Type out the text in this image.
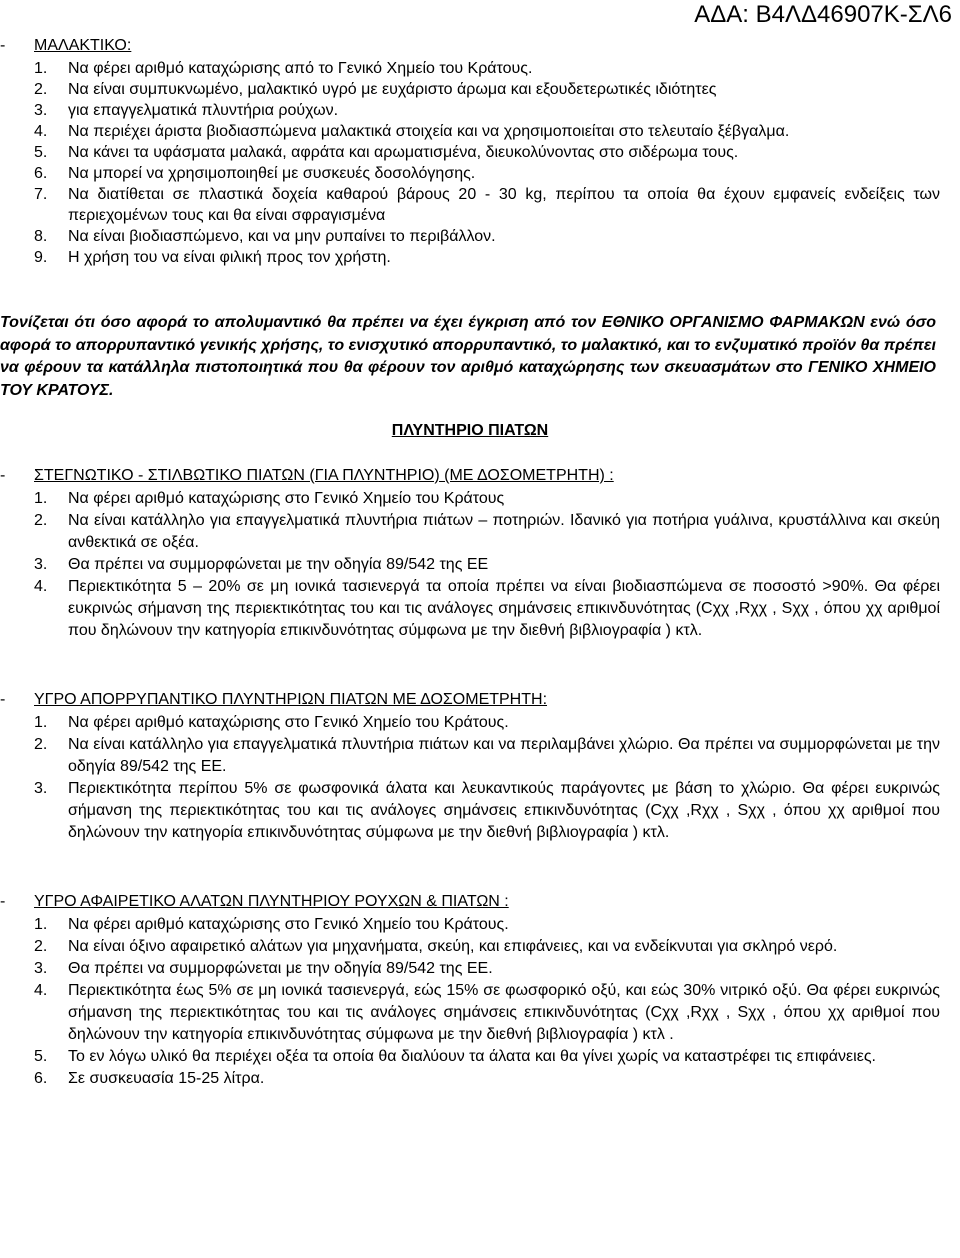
ΑΔΑ: Β4ΛΔ46907Κ-ΣΛ6
- ΜΑΛΑΚΤΙΚΟ:
1. Να φέρει αριθμό καταχώρισης από το Γενικό Χημείο του Κράτους.
2. Να είναι συμπυκνωμένο, μαλακτικό υγρό με ευχάριστο άρωμα και εξουδετερωτικές ιδιότητες
3. για επαγγελματικά πλυντήρια ρούχων.
4. Να περιέχει άριστα βιοδιασπώμενα μαλακτικά στοιχεία και να χρησιμοποιείται στο τελευταίο ξέβγαλμα.
5. Να κάνει τα υφάσματα μαλακά, αφράτα και αρωματισμένα, διευκολύνοντας στο σιδέρωμα τους.
6. Να μπορεί να χρησιμοποιηθεί με συσκευές δοσολόγησης.
7. Να διατίθεται σε πλαστικά δοχεία καθαρού βάρους 20 - 30 kg, περίπου τα οποία θα έχουν εμφανείς ενδείξεις των περιεχομένων τους και θα είναι σφραγισμένα
8. Να είναι βιοδιασπώμενο, και να μην ρυπαίνει το περιβάλλον.
9. Η χρήση του να είναι φιλική προς τον χρήστη.
Τονίζεται ότι όσο αφορά το απολυμαντικό θα πρέπει να έχει έγκριση από τον ΕΘΝΙΚΟ ΟΡΓΑΝΙΣΜΟ ΦΑΡΜΑΚΩΝ ενώ όσο αφορά το απορρυπαντικό γενικής χρήσης, το ενισχυτικό απορρυπαντικό, το μαλακτικό, και το ενζυματικό προϊόν θα πρέπει να φέρουν τα κατάλληλα πιστοποιητικά που θα φέρουν τον αριθμό καταχώρησης των σκευασμάτων στο ΓΕΝΙΚΟ ΧΗΜΕΙΟ ΤΟΥ ΚΡΑΤΟΥΣ.
ΠΛΥΝΤΗΡΙΟ ΠΙΑΤΩΝ
- ΣΤΕΓΝΩΤΙΚΟ - ΣΤΙΛΒΩΤΙΚΟ ΠΙΑΤΩΝ (ΓΙΑ ΠΛΥΝΤΗΡΙΟ) (ΜΕ ΔΟΣΟΜΕΤΡΗΤΗ) :
1. Να φέρει αριθμό καταχώρισης στο Γενικό Χημείο του Κράτους
2. Να είναι κατάλληλο για επαγγελματικά πλυντήρια πιάτων – ποτηριών. Ιδανικό για ποτήρια γυάλινα, κρυστάλλινα και σκεύη ανθεκτικά σε οξέα.
3. Θα πρέπει να συμμορφώνεται με την οδηγία 89/542 της ΕΕ
4. Περιεκτικότητα 5 – 20% σε μη ιονικά τασιενεργά τα οποία πρέπει να είναι βιοδιασπώμενα σε ποσοστό >90%. Θα φέρει ευκρινώς σήμανση της περιεκτικότητας του και τις ανάλογες σημάνσεις επικινδυνότητας (Cχχ ,Rχχ , Sχχ , όπου χχ αριθμοί που δηλώνουν την κατηγορία επικινδυνότητας σύμφωνα με την διεθνή βιβλιογραφία ) κτλ.
- ΥΓΡΟ ΑΠΟΡΡΥΠΑΝΤΙΚΟ ΠΛΥΝΤΗΡΙΩΝ ΠΙΑΤΩΝ ΜΕ ΔΟΣΟΜΕΤΡΗΤΗ:
1. Να φέρει αριθμό καταχώρισης στο Γενικό Χημείο του Κράτους.
2. Να είναι κατάλληλο για επαγγελματικά πλυντήρια πιάτων και να περιλαμβάνει χλώριο. Θα πρέπει να συμμορφώνεται με την οδηγία 89/542 της ΕΕ.
3. Περιεκτικότητα περίπου 5% σε φωσφονικά άλατα και λευκαντικούς παράγοντες με βάση το χλώριο. Θα φέρει ευκρινώς σήμανση της περιεκτικότητας του και τις ανάλογες σημάνσεις επικινδυνότητας (Cχχ ,Rχχ , Sχχ , όπου χχ αριθμοί που δηλώνουν την κατηγορία επικινδυνότητας σύμφωνα με την διεθνή βιβλιογραφία ) κτλ.
- ΥΓΡΟ ΑΦΑΙΡΕΤΙΚΟ ΑΛΑΤΩΝ ΠΛΥΝΤΗΡΙΟΥ ΡΟΥΧΩΝ & ΠΙΑΤΩΝ :
1. Να φέρει αριθμό καταχώρισης στο Γενικό Χημείο του Κράτους.
2. Να είναι όξινο αφαιρετικό αλάτων για μηχανήματα, σκεύη, και επιφάνειες, και να ενδείκνυται για σκληρό νερό.
3. Θα πρέπει να συμμορφώνεται με την οδηγία 89/542 της ΕΕ.
4. Περιεκτικότητα έως 5% σε μη ιονικά τασιενεργά, εώς 15% σε φωσφορικό οξύ, και εώς 30% νιτρικό οξύ. Θα φέρει ευκρινώς σήμανση της περιεκτικότητας του και τις ανάλογες σημάνσεις επικινδυνότητας (Cχχ ,Rχχ , Sχχ , όπου χχ αριθμοί που δηλώνουν την κατηγορία επικινδυνότητας σύμφωνα με την διεθνή βιβλιογραφία ) κτλ .
5. Το εν λόγω υλικό θα περιέχει οξέα τα οποία θα διαλύουν τα άλατα και θα γίνει χωρίς να καταστρέφει τις επιφάνειες.
6. Σε συσκευασία 15-25 λίτρα.
